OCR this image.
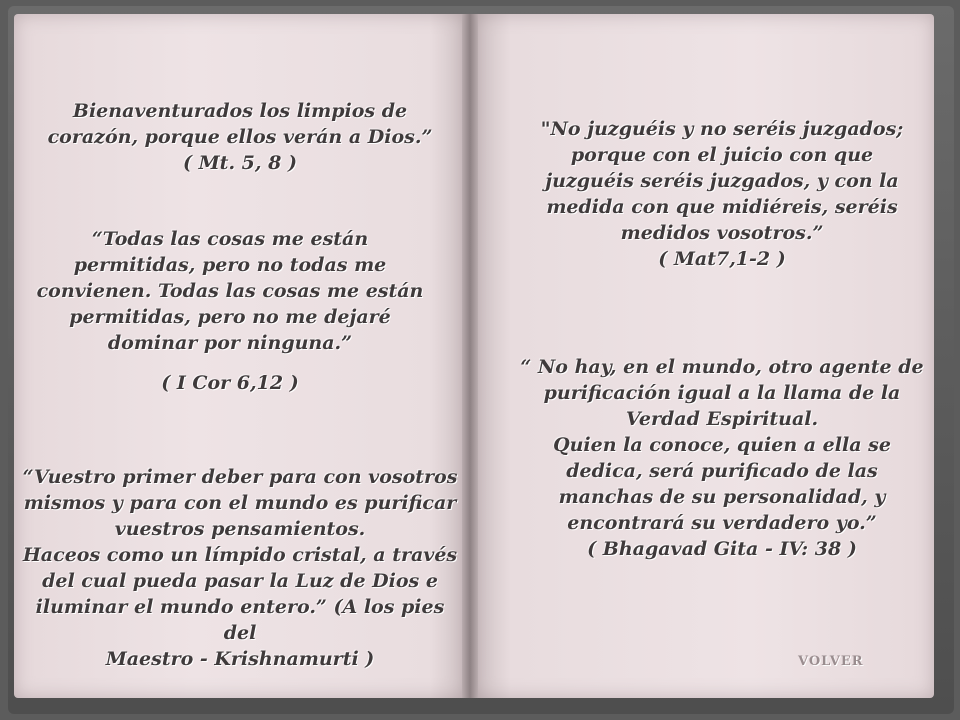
Bienaventurados los limpios de
corazón, porque ellos verán a Dios.”

( Mt. 5, 8 )

“Todas las cosas me están
permitidas, pero no todas me
convienen. Todas las cosas me están
permitidas, pero no me dejaré
dominar por ninguna.”

( I Cor 6,12 )

“Vuestro primer deber para con vosotros
mismos y para con el mundo es purificar
vuestros pensamientos.
Haceos como un límpido cristal, a través
del cual pueda pasar la Luz de Dios e
iluminar el mundo entero.” (A los pies del
Maestro - Krishnamurti )

"No juzguéis y no seréis juzgados;
porque con el juicio con que
juzguéis seréis juzgados, y con la
medida con que midiéreis, seréis
medidos vosotros.”

( Mat7,1-2 )

“ No hay, en el mundo, otro agente de
purificación igual a la llama de la
Verdad Espiritual.
Quien la conoce, quien a ella se
dedica, será purificado de las
manchas de su personalidad, y
encontrará su verdadero yo.”

( Bhagavad Gita - IV: 38 )

VOLVER
